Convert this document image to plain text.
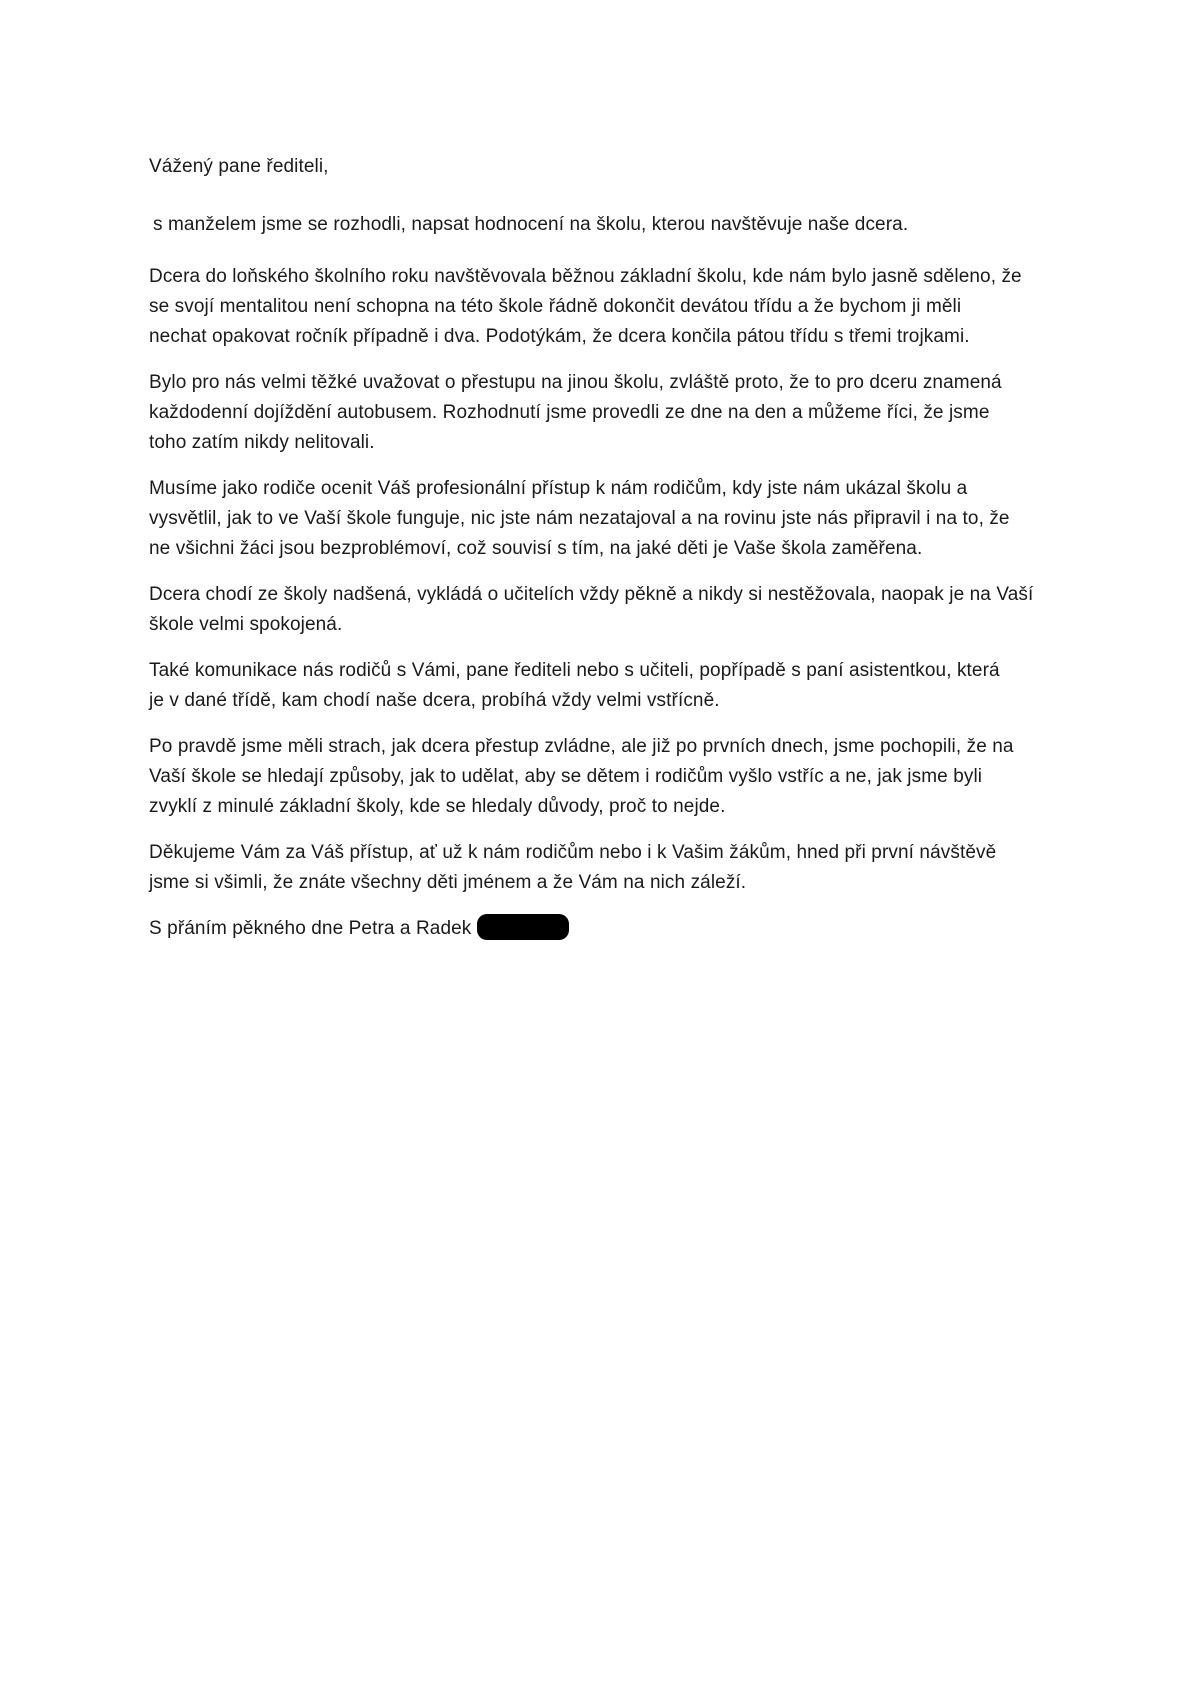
Vážený pane řediteli,

s manželem jsme se rozhodli, napsat hodnocení na školu, kterou navštěvuje naše dcera.

Dcera do loňského školního roku navštěvovala běžnou základní školu, kde nám bylo jasně sděleno, že
se svojí mentalitou není schopna na této škole řádně dokončit devátou třídu a že bychom ji měli
nechat opakovat ročník případně i dva. Podotýkám, že dcera končila pátou třídu s třemi trojkami.

Bylo pro nás velmi těžké uvažovat o přestupu na jinou školu, zvláště proto, že to pro dceru znamená
každodenní dojíždění autobusem. Rozhodnutí jsme provedli ze dne na den a můžeme říci, že jsme
toho zatím nikdy nelitovali.

Musíme jako rodiče ocenit Váš profesionální přístup k nám rodičům, kdy jste nám ukázal školu a
vysvětlil, jak to ve Vaší škole funguje, nic jste nám nezatajoval a na rovinu jste nás připravil i na to, že
ne všichni žáci jsou bezproblémoví, což souvisí s tím, na jaké děti je Vaše škola zaměřena.

Dcera chodí ze školy nadšená, vykládá o učitelích vždy pěkně a nikdy si nestěžovala, naopak je na Vaší
škole velmi spokojená.

Také komunikace nás rodičů s Vámi, pane řediteli nebo s učiteli, popřípadě s paní asistentkou, která
je v dané třídě, kam chodí naše dcera, probíhá vždy velmi vstřícně.

Po pravdě jsme měli strach, jak dcera přestup zvládne, ale již po prvních dnech, jsme pochopili, že na
Vaší škole se hledají způsoby, jak to udělat, aby se dětem i rodičům vyšlo vstříc a ne, jak jsme byli
zvyklí z minulé základní školy, kde se hledaly důvody, proč to nejde.

Děkujeme Vám za Váš přístup, ať už k nám rodičům nebo i k Vašim žákům, hned při první návštěvě
jsme si všimli, že znáte všechny děti jménem a že Vám na nich záleží.

S přáním pěkného dne Petra a Radek
